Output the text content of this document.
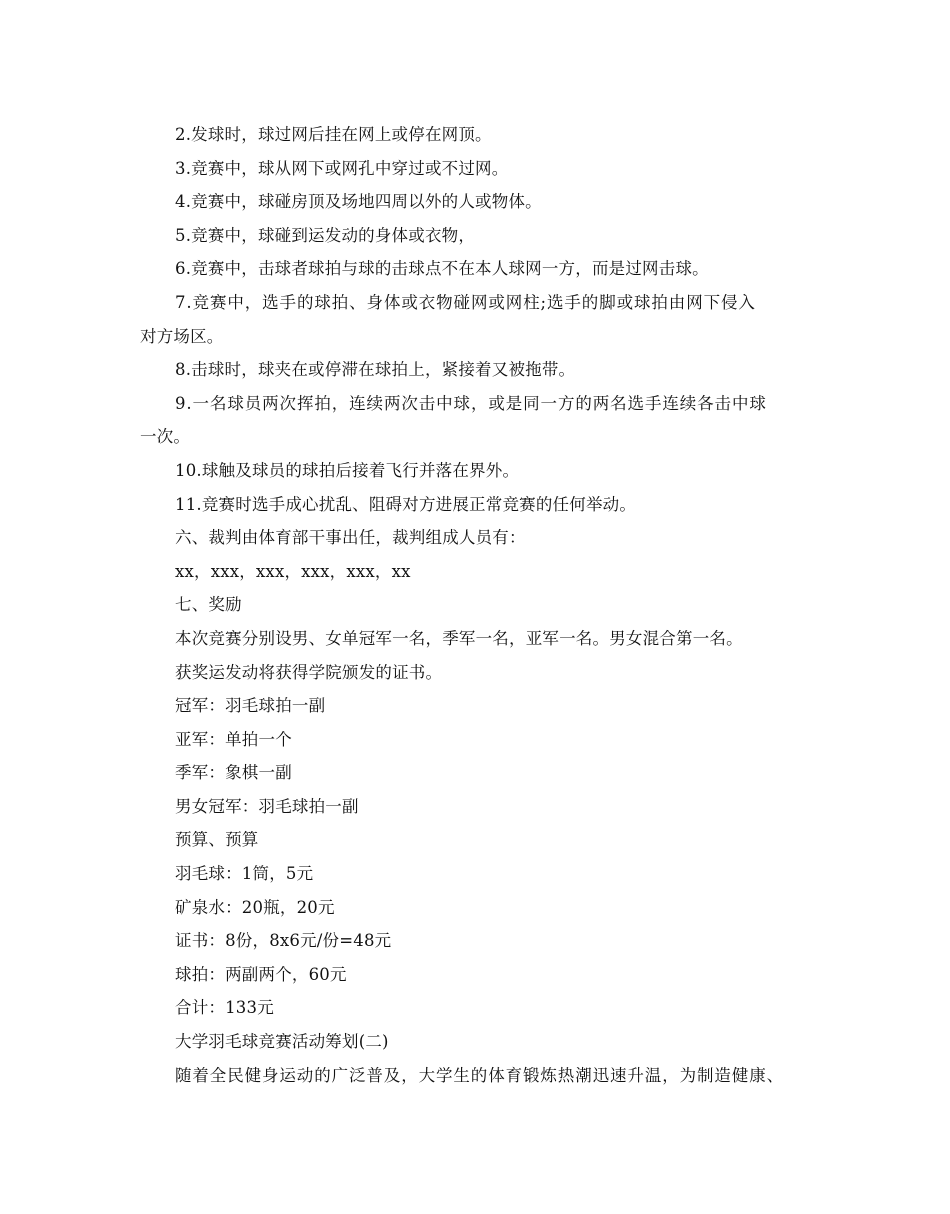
2.发球时，球过网后挂在网上或停在网顶。
3.竞赛中，球从网下或网孔中穿过或不过网。
4.竞赛中，球碰房顶及场地四周以外的人或物体。
5.竞赛中，球碰到运发动的身体或衣物，
6.竞赛中，击球者球拍与球的击球点不在本人球网一方，而是过网击球。
7.竞赛中，选手的球拍、身体或衣物碰网或网柱;选手的脚或球拍由网下侵入
对方场区。
8.击球时，球夹在或停滞在球拍上，紧接着又被拖带。
9.一名球员两次挥拍，连续两次击中球，或是同一方的两名选手连续各击中球
一次。
10.球触及球员的球拍后接着飞行并落在界外。
11.竞赛时选手成心扰乱、阻碍对方进展正常竞赛的任何举动。
六、裁判由体育部干事出任，裁判组成人员有：
xx，xxx，xxx，xxx，xxx，xx
七、奖励
本次竞赛分别设男、女单冠军一名，季军一名，亚军一名。男女混合第一名。
获奖运发动将获得学院颁发的证书。
冠军：羽毛球拍一副
亚军：单拍一个
季军：象棋一副
男女冠军：羽毛球拍一副
预算、预算
羽毛球：1筒，5元
矿泉水：20瓶，20元
证书：8份，8x6元/份=48元
球拍：两副两个，60元
合计：133元
大学羽毛球竞赛活动筹划(二)
随着全民健身运动的广泛普及，大学生的体育锻炼热潮迅速升温，为制造健康、
